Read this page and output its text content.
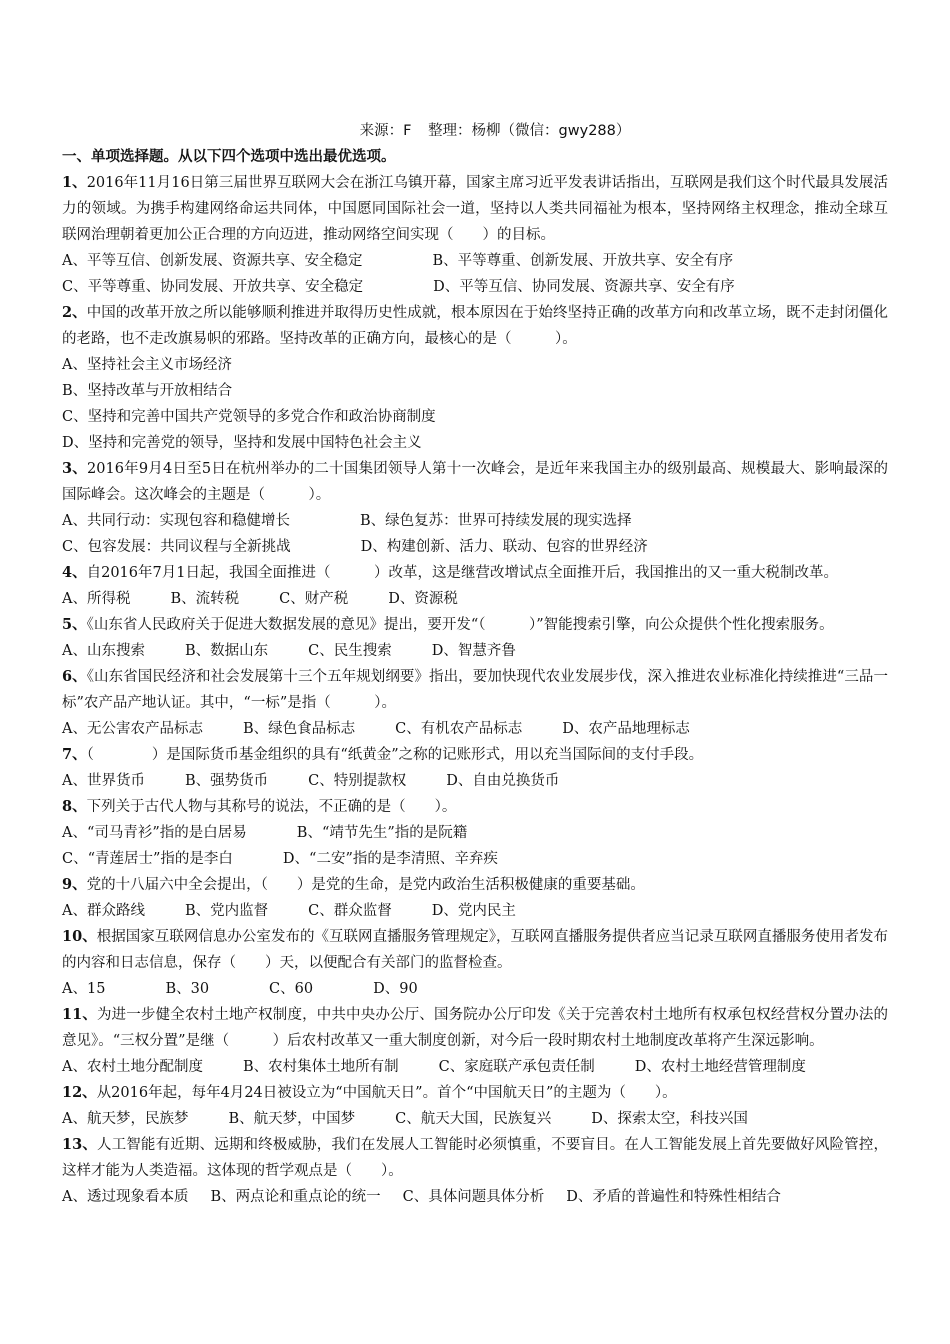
来源：F 整理：杨柳（微信：gwy288）
一、单项选择题。从以下四个选项中选出最优选项。
1、2016年11月16日第三届世界互联网大会在浙江乌镇开幕，国家主席习近平发表讲话指出，互联网是我们这个时代最具发展活力的领域。为携手构建网络命运共同体，中国愿同国际社会一道，坚持以人类共同福祉为根本，坚持网络主权理念，推动全球互联网治理朝着更加公正合理的方向迈进，推动网络空间实现（　　）的目标。
A、平等互信、创新发展、资源共享、安全稳定	B、平等尊重、创新发展、开放共享、安全有序
C、平等尊重、协同发展、开放共享、安全稳定	D、平等互信、协同发展、资源共享、安全有序
2、中国的改革开放之所以能够顺利推进并取得历史性成就，根本原因在于始终坚持正确的改革方向和改革立场，既不走封闭僵化的老路，也不走改旗易帜的邪路。坚持改革的正确方向，最核心的是（　　　）。
A、坚持社会主义市场经济
B、坚持改革与开放相结合
C、坚持和完善中国共产党领导的多党合作和政治协商制度
D、坚持和完善党的领导，坚持和发展中国特色社会主义
3、2016年9月4日至5日在杭州举办的二十国集团领导人第十一次峰会，是近年来我国主办的级别最高、规模最大、影响最深的国际峰会。这次峰会的主题是（　　　）。
A、共同行动：实现包容和稳健增长	B、绿色复苏：世界可持续发展的现实选择
C、包容发展：共同议程与全新挑战	D、构建创新、活力、联动、包容的世界经济
4、自2016年7月1日起，我国全面推进（　　　）改革，这是继营改增试点全面推开后，我国推出的又一重大税制改革。
A、所得税	B、流转税	C、财产税	D、资源税
5、《山东省人民政府关于促进大数据发展的意见》提出，要开发“（　　　）”智能搜索引擎，向公众提供个性化搜索服务。
A、山东搜索	B、数据山东	C、民生搜索	D、智慧齐鲁
6、《山东省国民经济和社会发展第十三个五年规划纲要》指出，要加快现代农业发展步伐，深入推进农业标准化持续推进“三品一标”农产品产地认证。其中，“一标”是指（　　　）。
A、无公害农产品标志	B、绿色食品标志	C、有机农产品标志	D、农产品地理标志
7、（　　　　）是国际货币基金组织的具有“纸黄金”之称的记账形式，用以充当国际间的支付手段。
A、世界货币	B、强势货币	C、特别提款权	D、自由兑换货币
8、下列关于古代人物与其称号的说法，不正确的是（　　）。
A、“司马青衫”指的是白居易	B、“靖节先生”指的是阮籍
C、“青莲居士”指的是李白	D、“二安”指的是李清照、辛弃疾
9、党的十八届六中全会提出，（　　）是党的生命，是党内政治生活积极健康的重要基础。
A、群众路线	B、党内监督	C、群众监督	D、党内民主
10、根据国家互联网信息办公室发布的《互联网直播服务管理规定》，互联网直播服务提供者应当记录互联网直播服务使用者发布的内容和日志信息，保存（　　）天，以便配合有关部门的监督检查。
A、15	B、30	C、60	D、90
11、为进一步健全农村土地产权制度，中共中央办公厅、国务院办公厅印发《关于完善农村土地所有权承包权经营权分置办法的意见》。“三权分置”是继（　　　）后农村改革又一重大制度创新，对今后一段时期农村土地制度改革将产生深远影响。
A、农村土地分配制度	B、农村集体土地所有制	C、家庭联产承包责任制	D、农村土地经营管理制度
12、从2016年起，每年4月24日被设立为“中国航天日”。首个“中国航天日”的主题为（　　）。
A、航天梦，民族梦	B、航天梦，中国梦	C、航天大国，民族复兴	D、探索太空，科技兴国
13、人工智能有近期、远期和终极威胁，我们在发展人工智能时必须慎重，不要盲目。在人工智能发展上首先要做好风险管控，这样才能为人类造福。这体现的哲学观点是（　　）。
A、透过现象看本质 B、两点论和重点论的统一 C、具体问题具体分析 D、矛盾的普遍性和特殊性相结合
